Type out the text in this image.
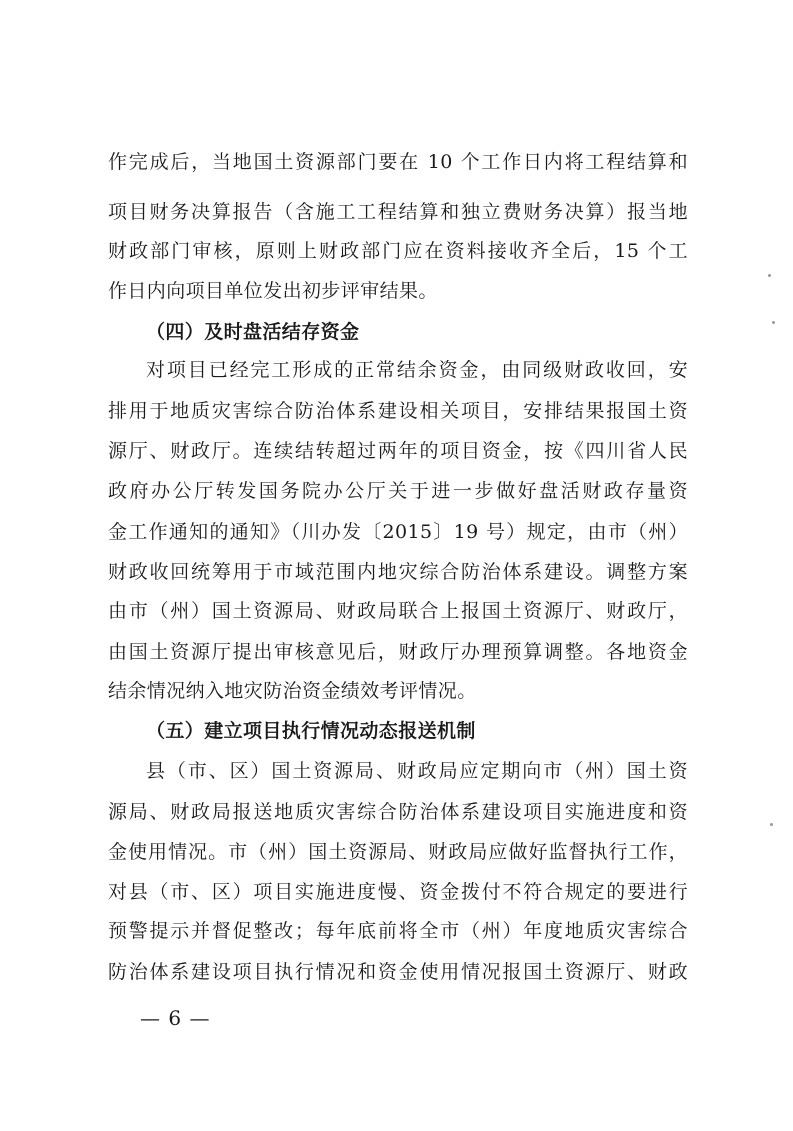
作完成后，当地国土资源部门要在 10 个工作日内将工程结算和
项目财务决算报告（含施工工程结算和独立费财务决算）报当地
财政部门审核，原则上财政部门应在资料接收齐全后，15 个工
作日内向项目单位发出初步评审结果。
（四）及时盘活结存资金
对项目已经完工形成的正常结余资金，由同级财政收回，安
排用于地质灾害综合防治体系建设相关项目，安排结果报国土资
源厅、财政厅。连续结转超过两年的项目资金，按《四川省人民
政府办公厅转发国务院办公厅关于进一步做好盘活财政存量资
金工作通知的通知》（川办发〔2015〕19 号）规定，由市（州）
财政收回统筹用于市域范围内地灾综合防治体系建设。调整方案
由市（州）国土资源局、财政局联合上报国土资源厅、财政厅，
由国土资源厅提出审核意见后，财政厅办理预算调整。各地资金
结余情况纳入地灾防治资金绩效考评情况。
（五）建立项目执行情况动态报送机制
县（市、区）国土资源局、财政局应定期向市（州）国土资
源局、财政局报送地质灾害综合防治体系建设项目实施进度和资
金使用情况。市（州）国土资源局、财政局应做好监督执行工作，
对县（市、区）项目实施进度慢、资金拨付不符合规定的要进行
预警提示并督促整改；每年底前将全市（州）年度地质灾害综合
防治体系建设项目执行情况和资金使用情况报国土资源厅、财政
— 6 —
